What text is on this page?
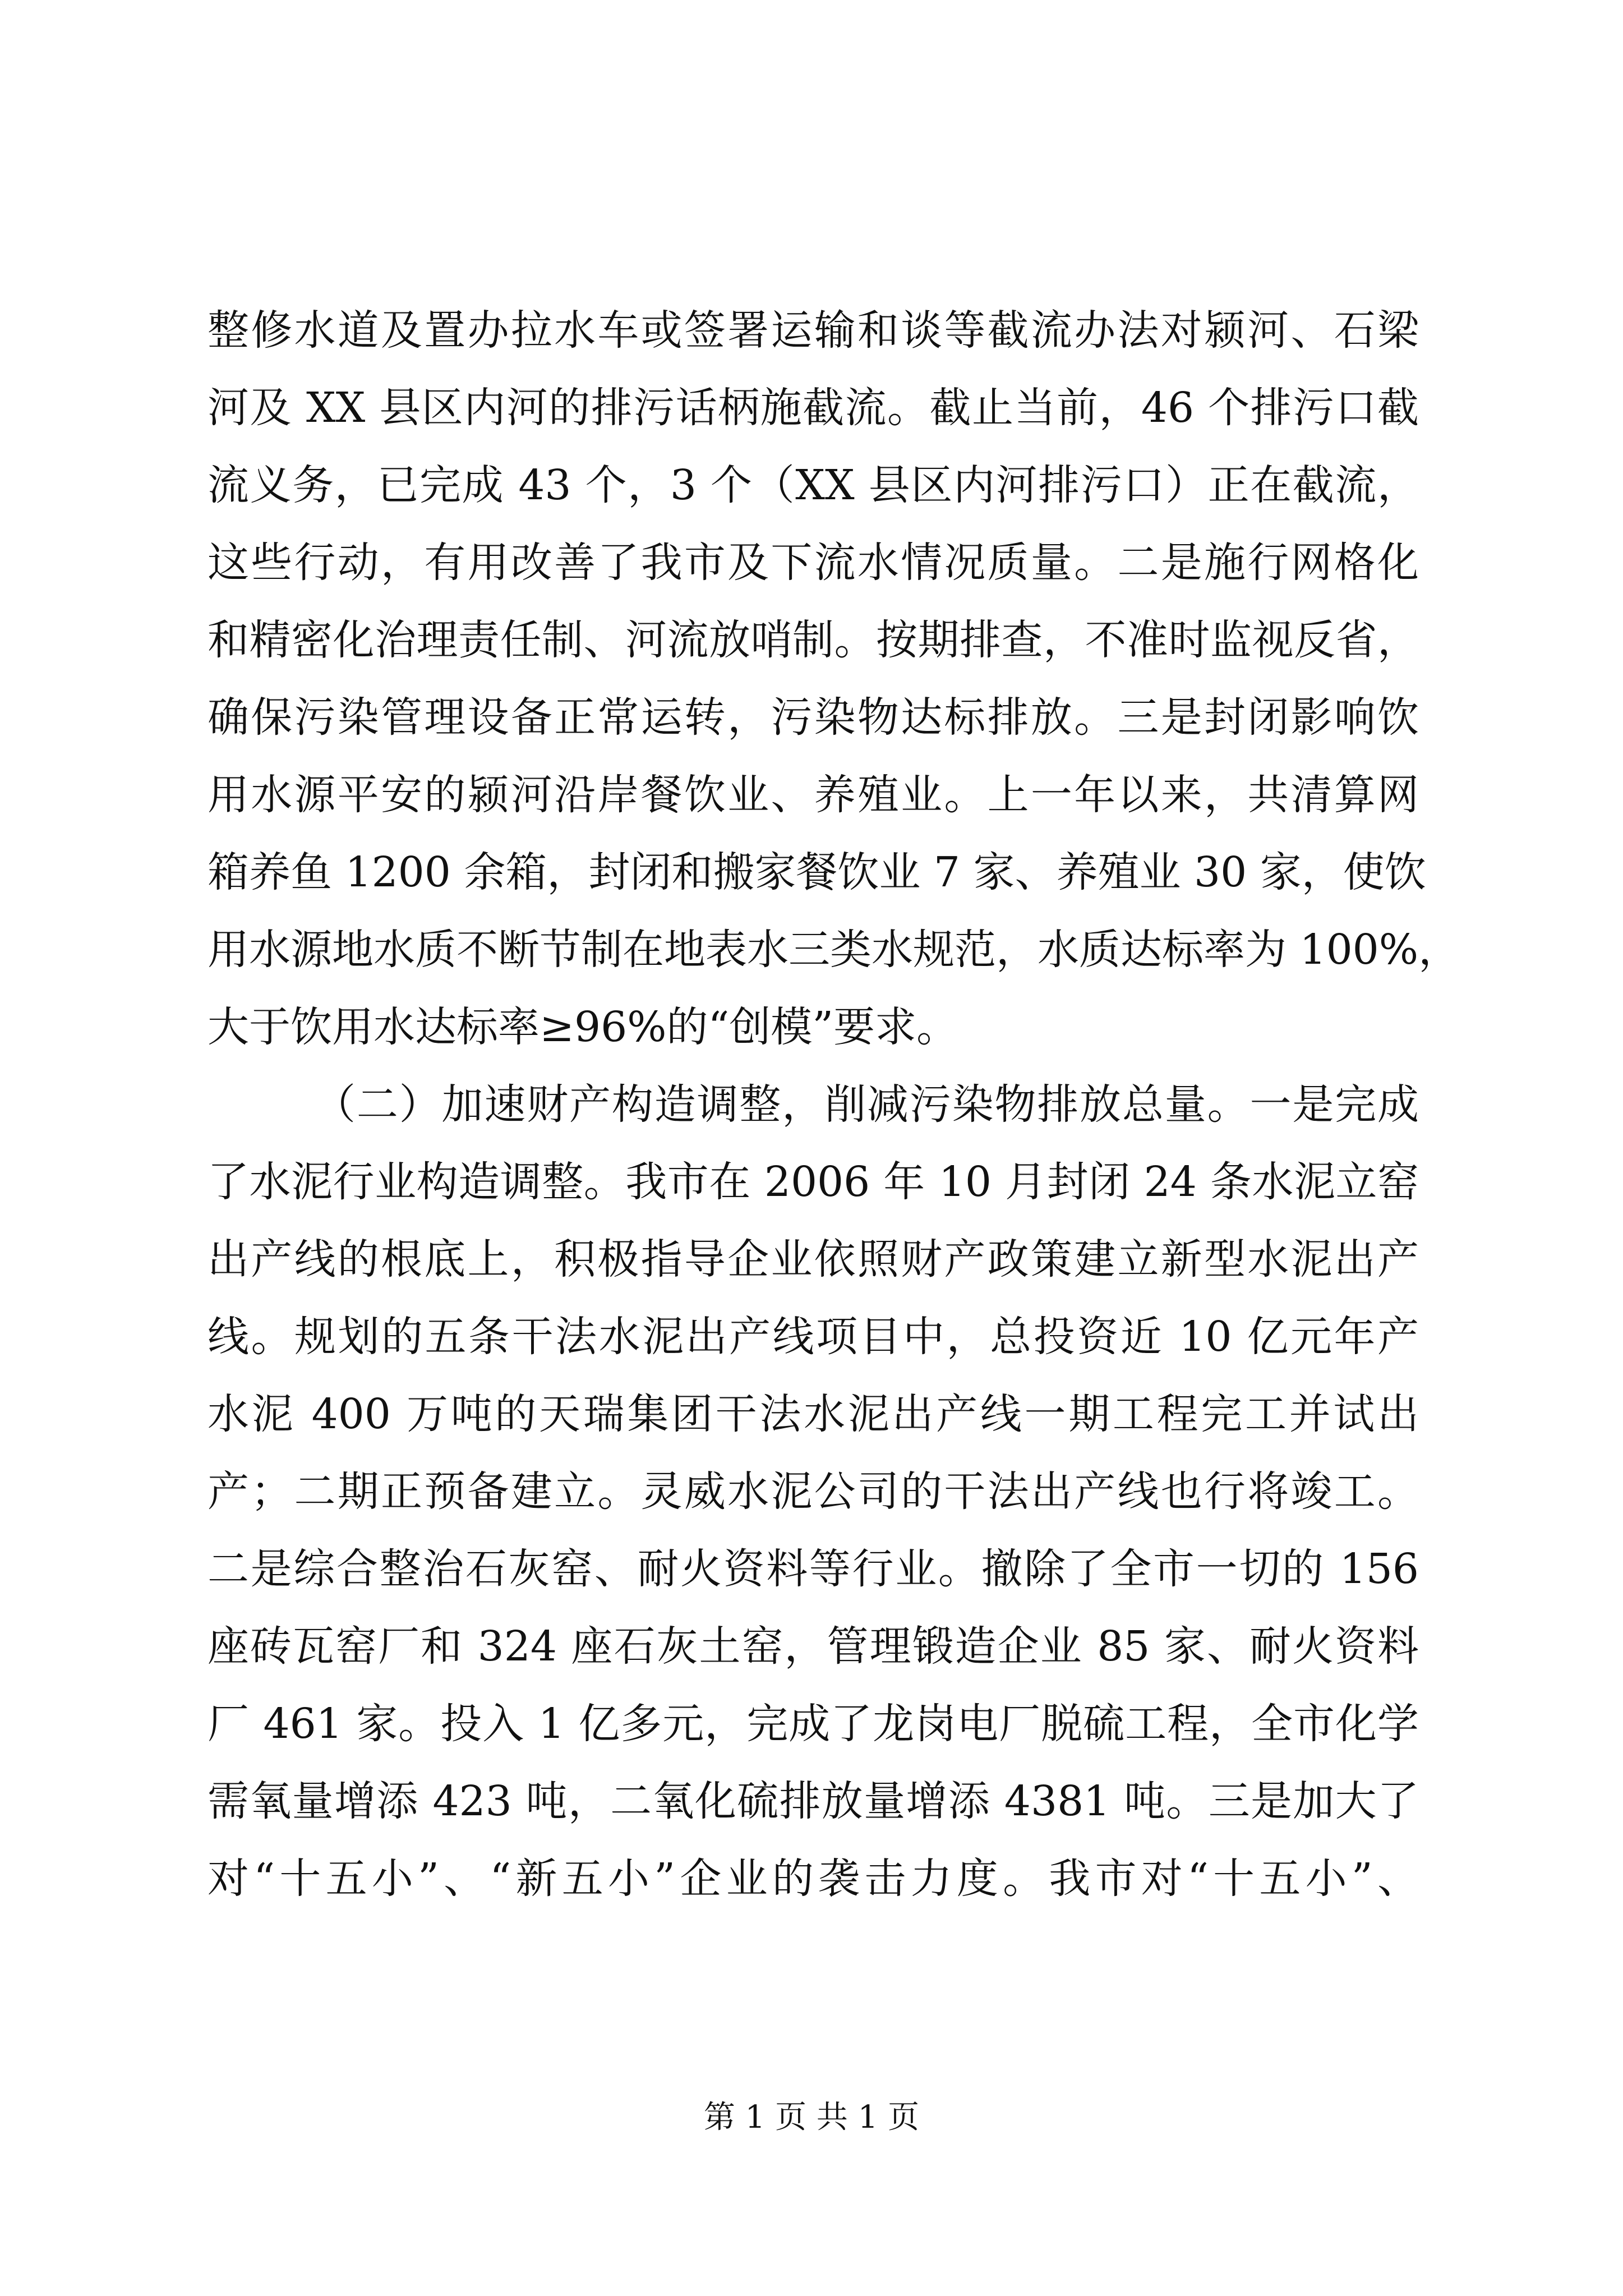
整修水道及置办拉水车或签署运输和谈等截流办法对颍河、石梁
河及 XX 县区内河的排污话柄施截流。截止当前，46 个排污口截
流义务，已完成 43 个，3 个（XX 县区内河排污口）正在截流，
这些行动，有用改善了我市及下流水情况质量。二是施行网格化
和精密化治理责任制、河流放哨制。按期排查，不准时监视反省，
确保污染管理设备正常运转，污染物达标排放。三是封闭影响饮
用水源平安的颍河沿岸餐饮业、养殖业。上一年以来，共清算网
箱养鱼 1200 余箱，封闭和搬家餐饮业 7 家、养殖业 30 家，使饮
用水源地水质不断节制在地表水三类水规范，水质达标率为 100%，
大于饮用水达标率≥96%的“创模”要求。
（二）加速财产构造调整，削减污染物排放总量。一是完成
了水泥行业构造调整。我市在 2006 年 10 月封闭 24 条水泥立窑
出产线的根底上，积极指导企业依照财产政策建立新型水泥出产
线。规划的五条干法水泥出产线项目中，总投资近 10 亿元年产
水泥 400 万吨的天瑞集团干法水泥出产线一期工程完工并试出
产；二期正预备建立。灵威水泥公司的干法出产线也行将竣工。
二是综合整治石灰窑、耐火资料等行业。撤除了全市一切的 156
座砖瓦窑厂和 324 座石灰土窑，管理锻造企业 85 家、耐火资料
厂 461 家。投入 1 亿多元，完成了龙岗电厂脱硫工程，全市化学
需氧量增添 423 吨，二氧化硫排放量增添 4381 吨。三是加大了
对“十五小”、“新五小”企业的袭击力度。我市对“十五小”、
第 1 页 共 1 页
